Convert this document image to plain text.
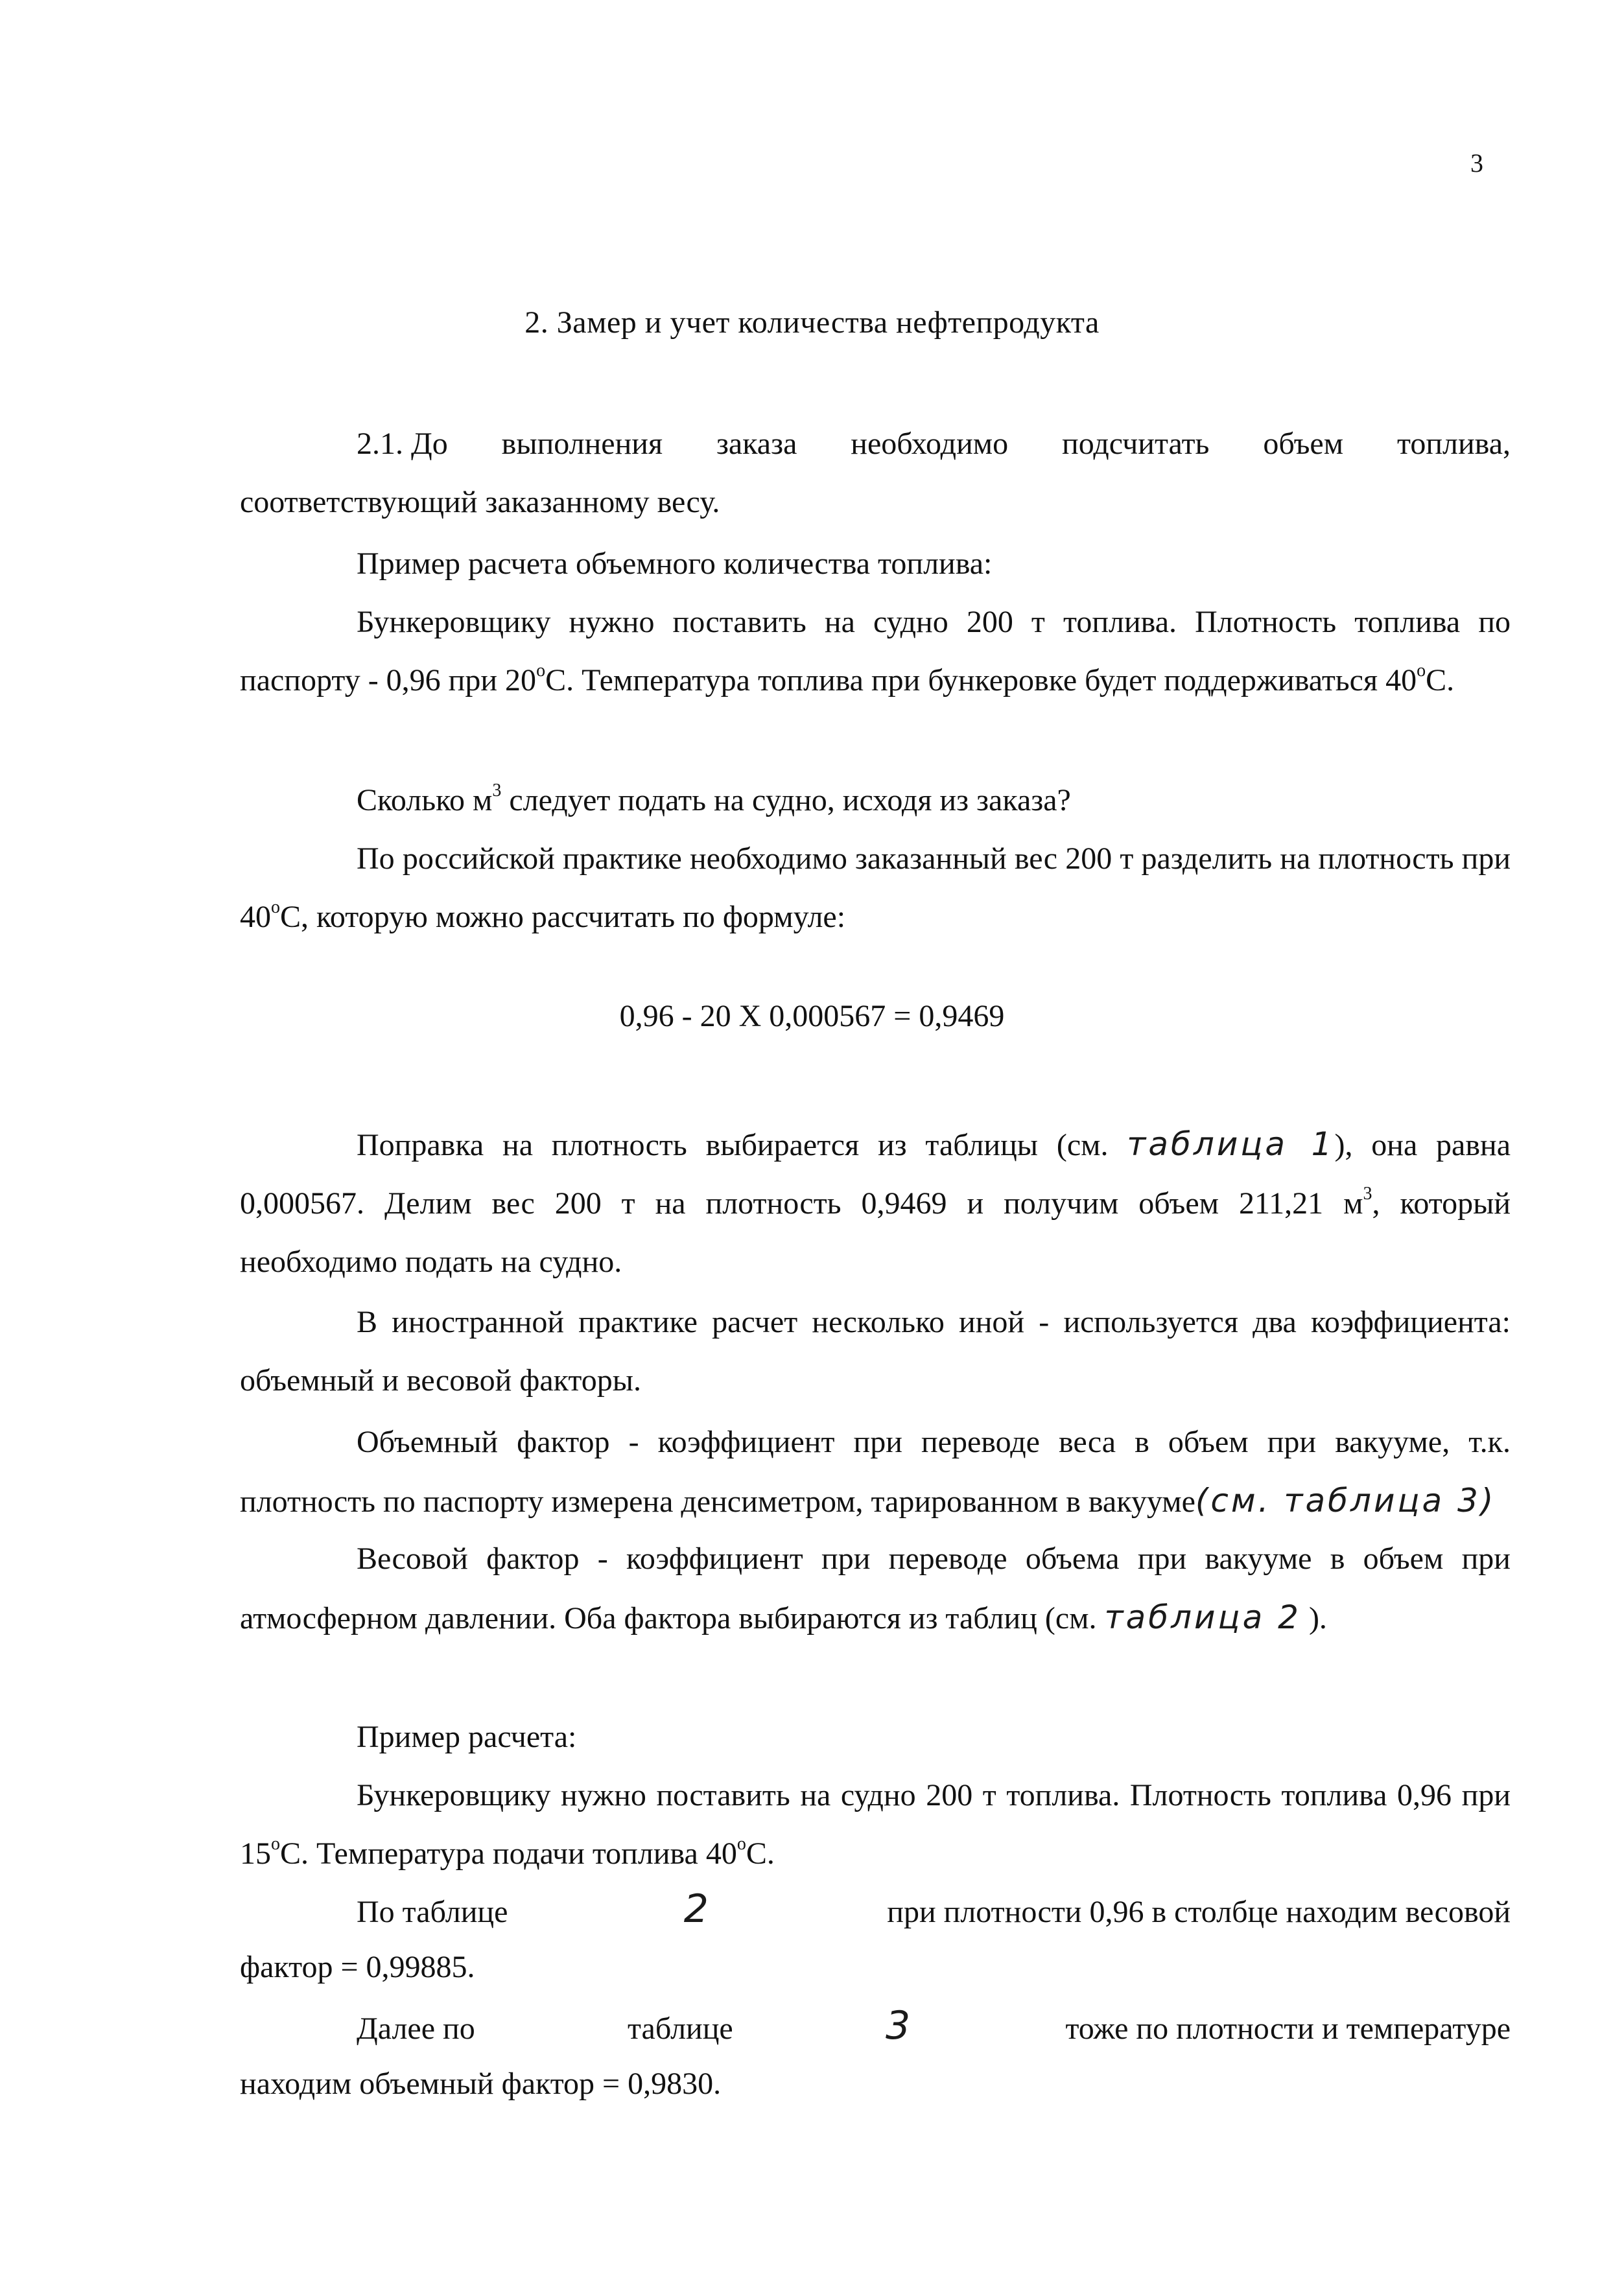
3
2. Замер и учет количества нефтепродукта
2.1. До выполнения заказа необходимо подсчитать объем топлива,

соответствующий заказанному весу.

Пример расчета объемного количества топлива:

Бункеровщику нужно поставить на судно 200 т топлива. Плотность топлива по паспорту - 0,96 при $20^оС$. Температура топлива при бункеровке будет поддерживаться $40^оС$.

Сколько $м^3$ следует подать на судно, исходя из заказа?

По российской практике необходимо заказанный вес 200 т разделить на плотность при $40^оС$, которую можно рассчитать по формуле:

0,96 - 20 X 0,000567 = 0,9469

Поправка на плотность выбирается из таблицы (см. таблица 1), она равна 0,000567. Делим вес 200 т на плотность 0,9469 и получим объем 211,21 $м^3$, который необходимо подать на судно.

В иностранной практике расчет несколько иной - используется два коэффициента: объемный и весовой факторы.

Объемный фактор - коэффициент при переводе веса в объем при вакууме, т.к. плотность по паспорту измерена денсиметром, тарированном в вакууме(см. таблица 3)

Весовой фактор - коэффициент при переводе объема при вакууме в объем при атмосферном давлении. Оба фактора выбираются из таблиц (см. таблица 2 ).

Пример расчета:

Бункеровщику нужно поставить на судно 200 т топлива. Плотность топлива 0,96 при $15^оС$. Температура подачи топлива $40^оС$.

По таблице	2	при плотности 0,96 в столбце находим весовой

фактор = 0,99885.

Далее по	таблице	3	тоже по плотности и температуре

находим объемный фактор = 0,9830.
